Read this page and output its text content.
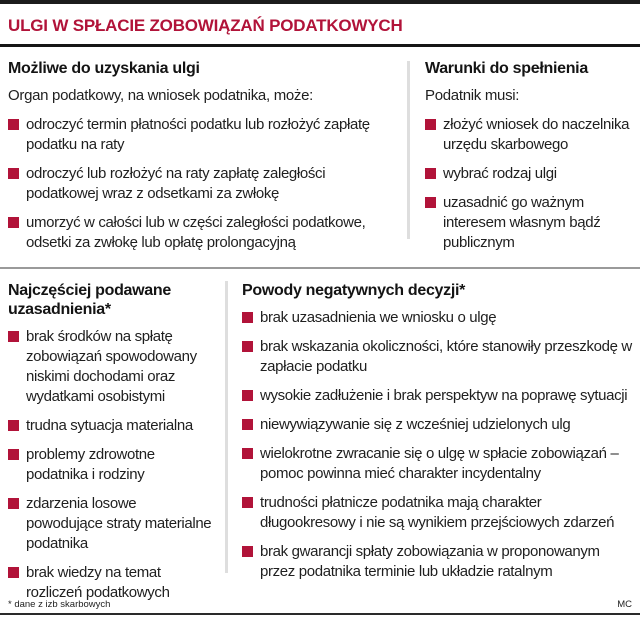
ULGI W SPŁACIE ZOBOWIĄZAŃ PODATKOWYCH
Możliwe do uzyskania ulgi

Organ podatkowy, na wniosek podatnika, może:

odroczyć termin płatności podatku lub rozłożyć zapłatę podatku na raty
odroczyć lub rozłożyć na raty zapłatę zaległości podatkowej wraz z odsetkami za zwłokę
umorzyć w całości lub w części zaległości podatkowe, odsetki za zwłokę lub opłatę prolongacyjną
Warunki do spełnienia

Podatnik musi:

złożyć wniosek do naczelnika urzędu skarbowego
wybrać rodzaj ulgi
uzasadnić go ważnym interesem własnym bądź publicznym
Najczęściej podawane uzasadnienia*
brak środków na spłatę zobowiązań spowodowany niskimi dochodami oraz wydatkami osobistymi
trudna sytuacja materialna
problemy zdrowotne podatnika i rodziny
zdarzenia losowe powodujące straty materialne podatnika
brak wiedzy na temat rozliczeń podatkowych
Powody negatywnych decyzji*
brak uzasadnienia we wniosku o ulgę
brak wskazania okoliczności, które stanowiły przeszkodę w zapłacie podatku
wysokie zadłużenie i brak perspektyw na poprawę sytuacji
niewywiązywanie się z wcześniej udzielonych ulg
wielokrotne zwracanie się o ulgę w spłacie zobowiązań – pomoc powinna mieć charakter incydentalny
trudności płatnicze podatnika mają charakter długookresowy i nie są wynikiem przejściowych zdarzeń
brak gwarancji spłaty zobowiązania w proponowanym przez podatnika terminie lub układzie ratalnym
* dane z izb skarbowych	MC
